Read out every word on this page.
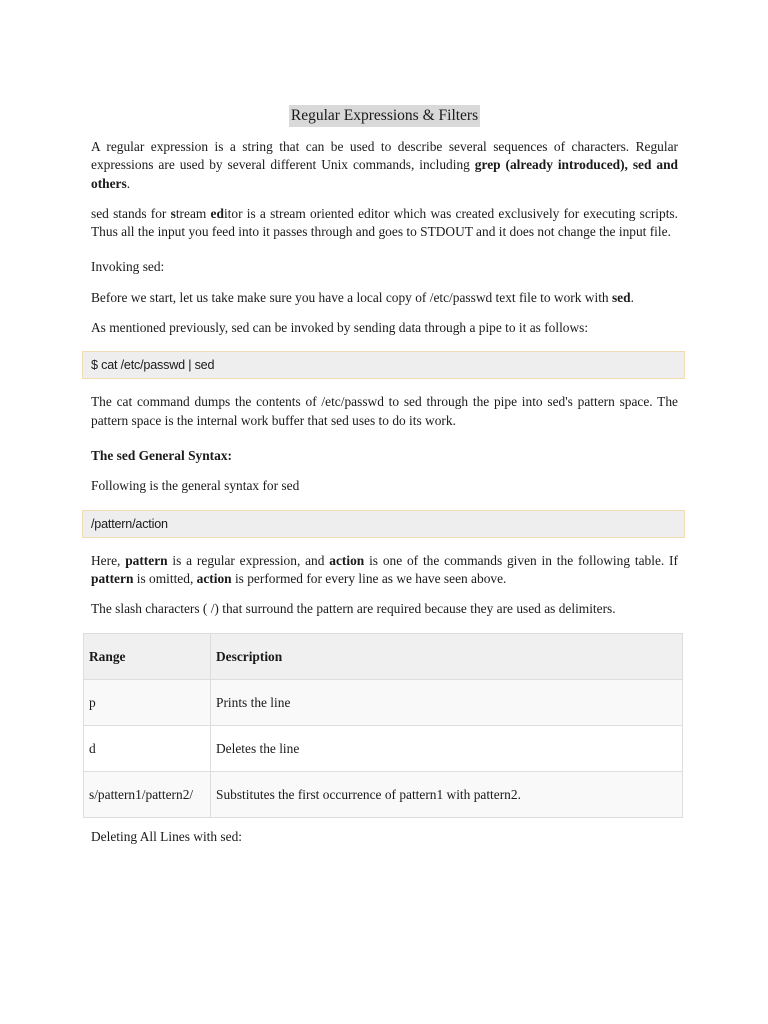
Regular Expressions & Filters

A regular expression is a string that can be used to describe several sequences of characters. Regular expressions are used by several different Unix commands, including grep (already introduced), sed and others.

sed stands for stream editor is a stream oriented editor which was created exclusively for executing scripts. Thus all the input you feed into it passes through and goes to STDOUT and it does not change the input file.

Invoking sed:

Before we start, let us take make sure you have a local copy of /etc/passwd text file to work with sed.

As mentioned previously, sed can be invoked by sending data through a pipe to it as follows:

$ cat /etc/passwd | sed

The cat command dumps the contents of /etc/passwd to sed through the pipe into sed's pattern space. The pattern space is the internal work buffer that sed uses to do its work.

The sed General Syntax:

Following is the general syntax for sed

/pattern/action

Here, pattern is a regular expression, and action is one of the commands given in the following table. If pattern is omitted, action is performed for every line as we have seen above.

The slash characters ( /) that surround the pattern are required because they are used as delimiters.

Range	Description
p	Prints the line
d	Deletes the line
s/pattern1/pattern2/	Substitutes the first occurrence of pattern1 with pattern2.

Deleting All Lines with sed:
